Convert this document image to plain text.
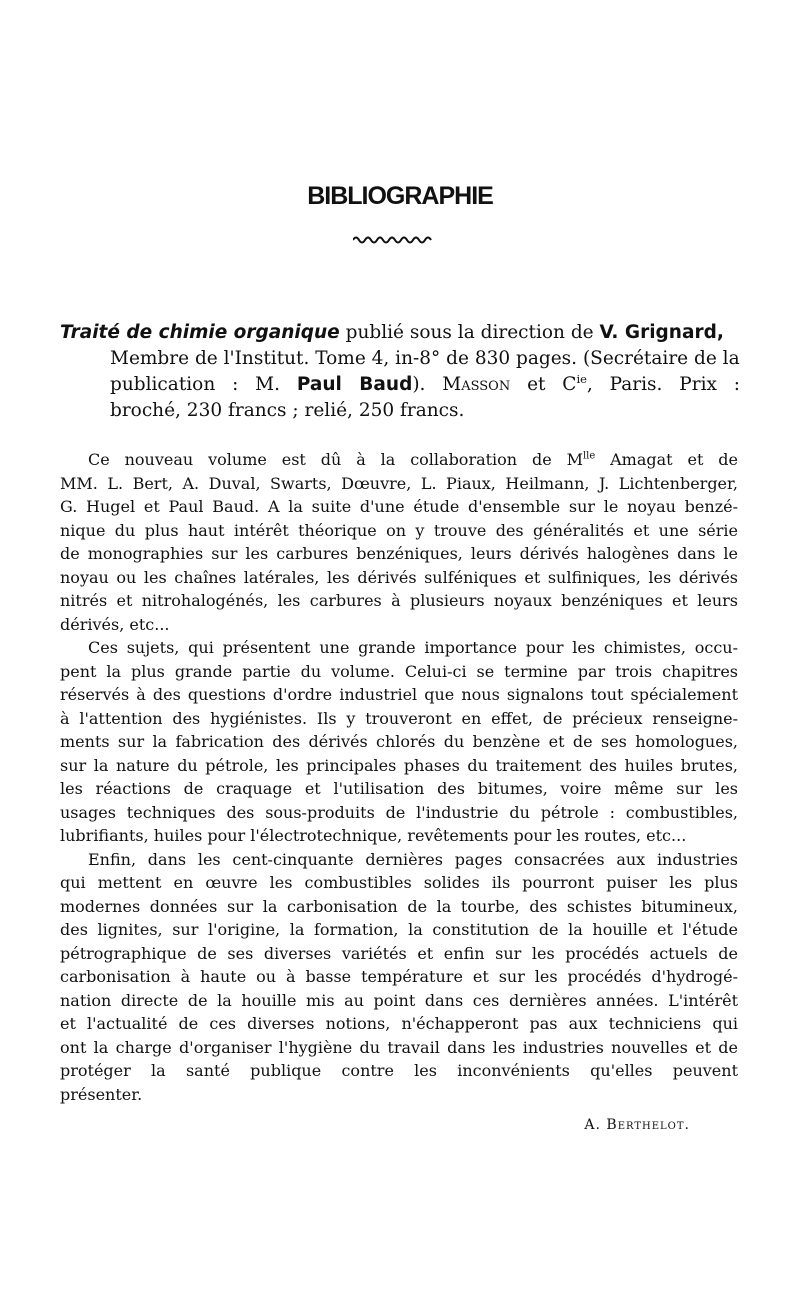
BIBLIOGRAPHIE
Traité de chimie organique publié sous la direction de V. Grignard,
Membre de l'Institut. Tome 4, in-8° de 830 pages. (Secrétaire de la
publication : M. Paul Baud). Masson et $C^{ie}$, Paris. Prix :
broché, 230 francs ; relié, 250 francs.
Ce nouveau volume est dû à la collaboration de $M^{lle}$ Amagat et de
MM. L. Bert, A. Duval, Swarts, Dœuvre, L. Piaux, Heilmann, J. Lichtenberger,
G. Hugel et Paul Baud. A la suite d'une étude d'ensemble sur le noyau benzé-
nique du plus haut intérêt théorique on y trouve des généralités et une série
de monographies sur les carbures benzéniques, leurs dérivés halogènes dans le
noyau ou les chaînes latérales, les dérivés sulféniques et sulfiniques, les dérivés
nitrés et nitrohalogénés, les carbures à plusieurs noyaux benzéniques et leurs
dérivés, etc...
Ces sujets, qui présentent une grande importance pour les chimistes, occu-
pent la plus grande partie du volume. Celui-ci se termine par trois chapitres
réservés à des questions d'ordre industriel que nous signalons tout spécialement
à l'attention des hygiénistes. Ils y trouveront en effet, de précieux renseigne-
ments sur la fabrication des dérivés chlorés du benzène et de ses homologues,
sur la nature du pétrole, les principales phases du traitement des huiles brutes,
les réactions de craquage et l'utilisation des bitumes, voire même sur les
usages techniques des sous-produits de l'industrie du pétrole : combustibles,
lubrifiants, huiles pour l'électrotechnique, revêtements pour les routes, etc...
Enfin, dans les cent-cinquante dernières pages consacrées aux industries
qui mettent en œuvre les combustibles solides ils pourront puiser les plus
modernes données sur la carbonisation de la tourbe, des schistes bitumineux,
des lignites, sur l'origine, la formation, la constitution de la houille et l'étude
pétrographique de ses diverses variétés et enfin sur les procédés actuels de
carbonisation à haute ou à basse température et sur les procédés d'hydrogé-
nation directe de la houille mis au point dans ces dernières années. L'intérêt
et l'actualité de ces diverses notions, n'échapperont pas aux techniciens qui
ont la charge d'organiser l'hygiène du travail dans les industries nouvelles et de
protéger la santé publique contre les inconvénients qu'elles peuvent
présenter.
A. Berthelot.
